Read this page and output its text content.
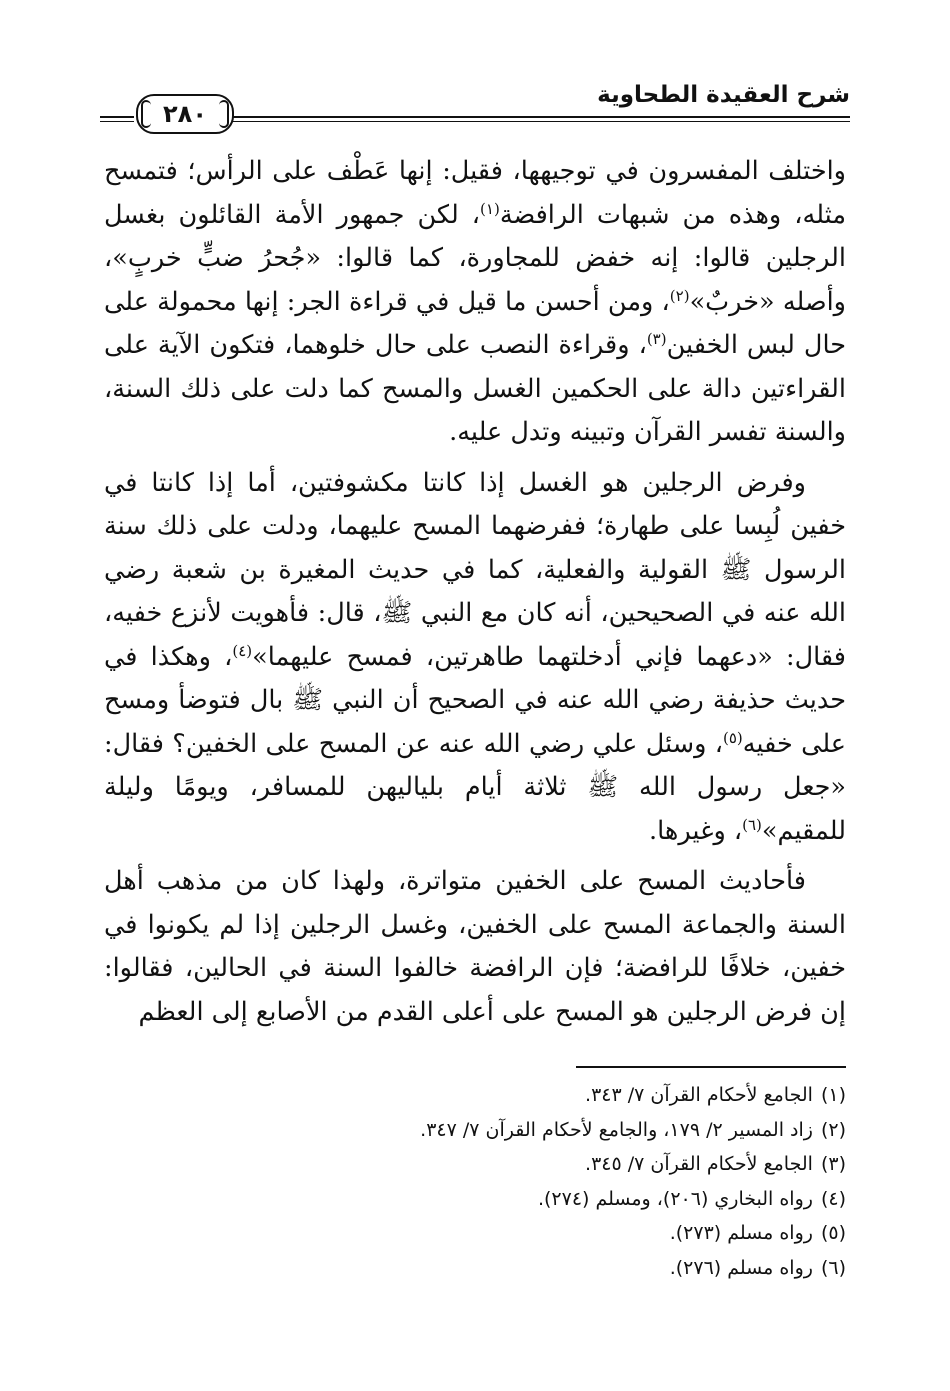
شرح العقيدة الطحاوية
٢٨٠

واختلف المفسرون في توجيهها، فقيل: إنها عَطْف على الرأس؛ فتمسح مثله، وهذه من شبهات الرافضة$^{(١)}$، لكن جمهور الأمة القائلون بغسل الرجلين قالوا: إنه خفض للمجاورة، كما قالوا: «جُحرُ ضبٍّ خربٍ»، وأصله «خربٌ»$^{(٢)}$، ومن أحسن ما قيل في قراءة الجر: إنها محمولة على حال لبس الخفين$^{(٣)}$، وقراءة النصب على حال خلوهما، فتكون الآية على القراءتين دالة على الحكمين الغسل والمسح كما دلت على ذلك السنة، والسنة تفسر القرآن وتبينه وتدل عليه.

وفرض الرجلين هو الغسل إذا كانتا مكشوفتين، أما إذا كانتا في خفين لُبِسا على طهارة؛ ففرضهما المسح عليهما، ودلت على ذلك سنة الرسول ﷺ القولية والفعلية، كما في حديث المغيرة بن شعبة رضي الله عنه في الصحيحين، أنه كان مع النبي ﷺ، قال: فأهويت لأنزع خفيه، فقال: «دعهما فإني أدخلتهما طاهرتين، فمسح عليهما»$^{(٤)}$، وهكذا في حديث حذيفة رضي الله عنه في الصحيح أن النبي ﷺ بال فتوضأ ومسح على خفيه$^{(٥)}$، وسئل علي رضي الله عنه عن المسح على الخفين؟ فقال: «جعل رسول الله ﷺ ثلاثة أيام بلياليهن للمسافر، ويومًا وليلة للمقيم»$^{(٦)}$، وغيرها.

فأحاديث المسح على الخفين متواترة، ولهذا كان من مذهب أهل السنة والجماعة المسح على الخفين، وغسل الرجلين إذا لم يكونوا في خفين، خلافًا للرافضة؛ فإن الرافضة خالفوا السنة في الحالين، فقالوا: إن فرض الرجلين هو المسح على أعلى القدم من الأصابع إلى العظم

(١)الجامع لأحكام القرآن ٧/ ٣٤٣.
(٢)زاد المسير ٢/ ١٧٩، والجامع لأحكام القرآن ٧/ ٣٤٧.
(٣)الجامع لأحكام القرآن ٧/ ٣٤٥.
(٤)رواه البخاري (٢٠٦)، ومسلم (٢٧٤).
(٥)رواه مسلم (٢٧٣).
(٦)رواه مسلم (٢٧٦).
